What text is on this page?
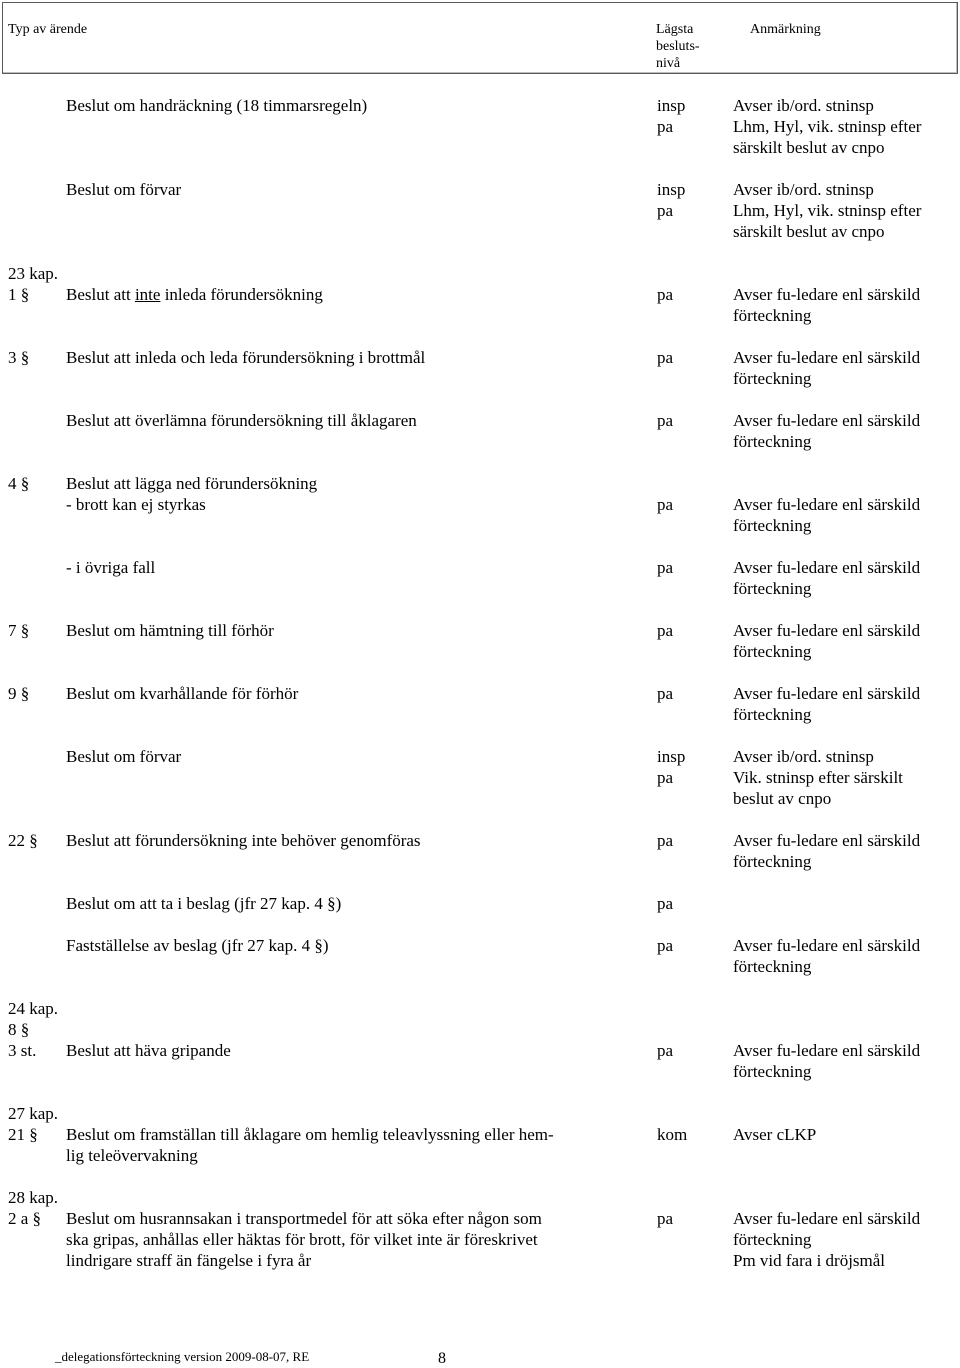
Typ av ärende	Lägsta
besluts-
nivå
Anmärkning
Beslut om handräckning (18 timmarsregeln)	insp	Avser ib/ord. stninsp
pa	Lhm, Hyl, vik. stninsp efter
särskilt beslut av cnpo
Beslut om förvar	insp	Avser ib/ord. stninsp
pa	Lhm, Hyl, vik. stninsp efter
särskilt beslut av cnpo
23 kap.
1 § Beslut att inte inleda förundersökning	pa	Avser fu-ledare enl särskild
förteckning
3 § Beslut att inleda och leda förundersökning i brottmål	pa	Avser fu-ledare enl särskild
förteckning
Beslut att överlämna förundersökning till åklagaren	pa	Avser fu-ledare enl särskild
förteckning
4 § Beslut att lägga ned förundersökning
- brott kan ej styrkas	pa	Avser fu-ledare enl särskild
förteckning
- i övriga fall	pa	Avser fu-ledare enl särskild
förteckning
7 § Beslut om hämtning till förhör	pa	Avser fu-ledare enl särskild
förteckning
9 § Beslut om kvarhållande för förhör	pa	Avser fu-ledare enl särskild
förteckning
Beslut om förvar	insp	Avser ib/ord. stninsp
pa	Vik. stninsp efter särskilt
beslut av cnpo
22 § Beslut att förundersökning inte behöver genomföras	pa	Avser fu-ledare enl särskild
förteckning
Beslut om att ta i beslag (jfr 27 kap. 4 §)	pa
Fastställelse av beslag (jfr 27 kap. 4 §)	pa	Avser fu-ledare enl särskild
förteckning
24 kap.
8 §
3 st. Beslut att häva gripande	pa	Avser fu-ledare enl särskild
förteckning
27 kap.
21 § Beslut om framställan till åklagare om hemlig teleavlyssning eller hem-	kom	Avser cLKP
lig teleövervakning
28 kap.
2 a § Beslut om husrannsakan i transportmedel för att söka efter någon som	pa	Avser fu-ledare enl särskild
ska gripas, anhållas eller häktas för brott, för vilket inte är föreskrivet	förteckning
lindrigare straff än fängelse i fyra år	Pm vid fara i dröjsmål
_delegationsförteckning version 2009-08-07, RE	8
